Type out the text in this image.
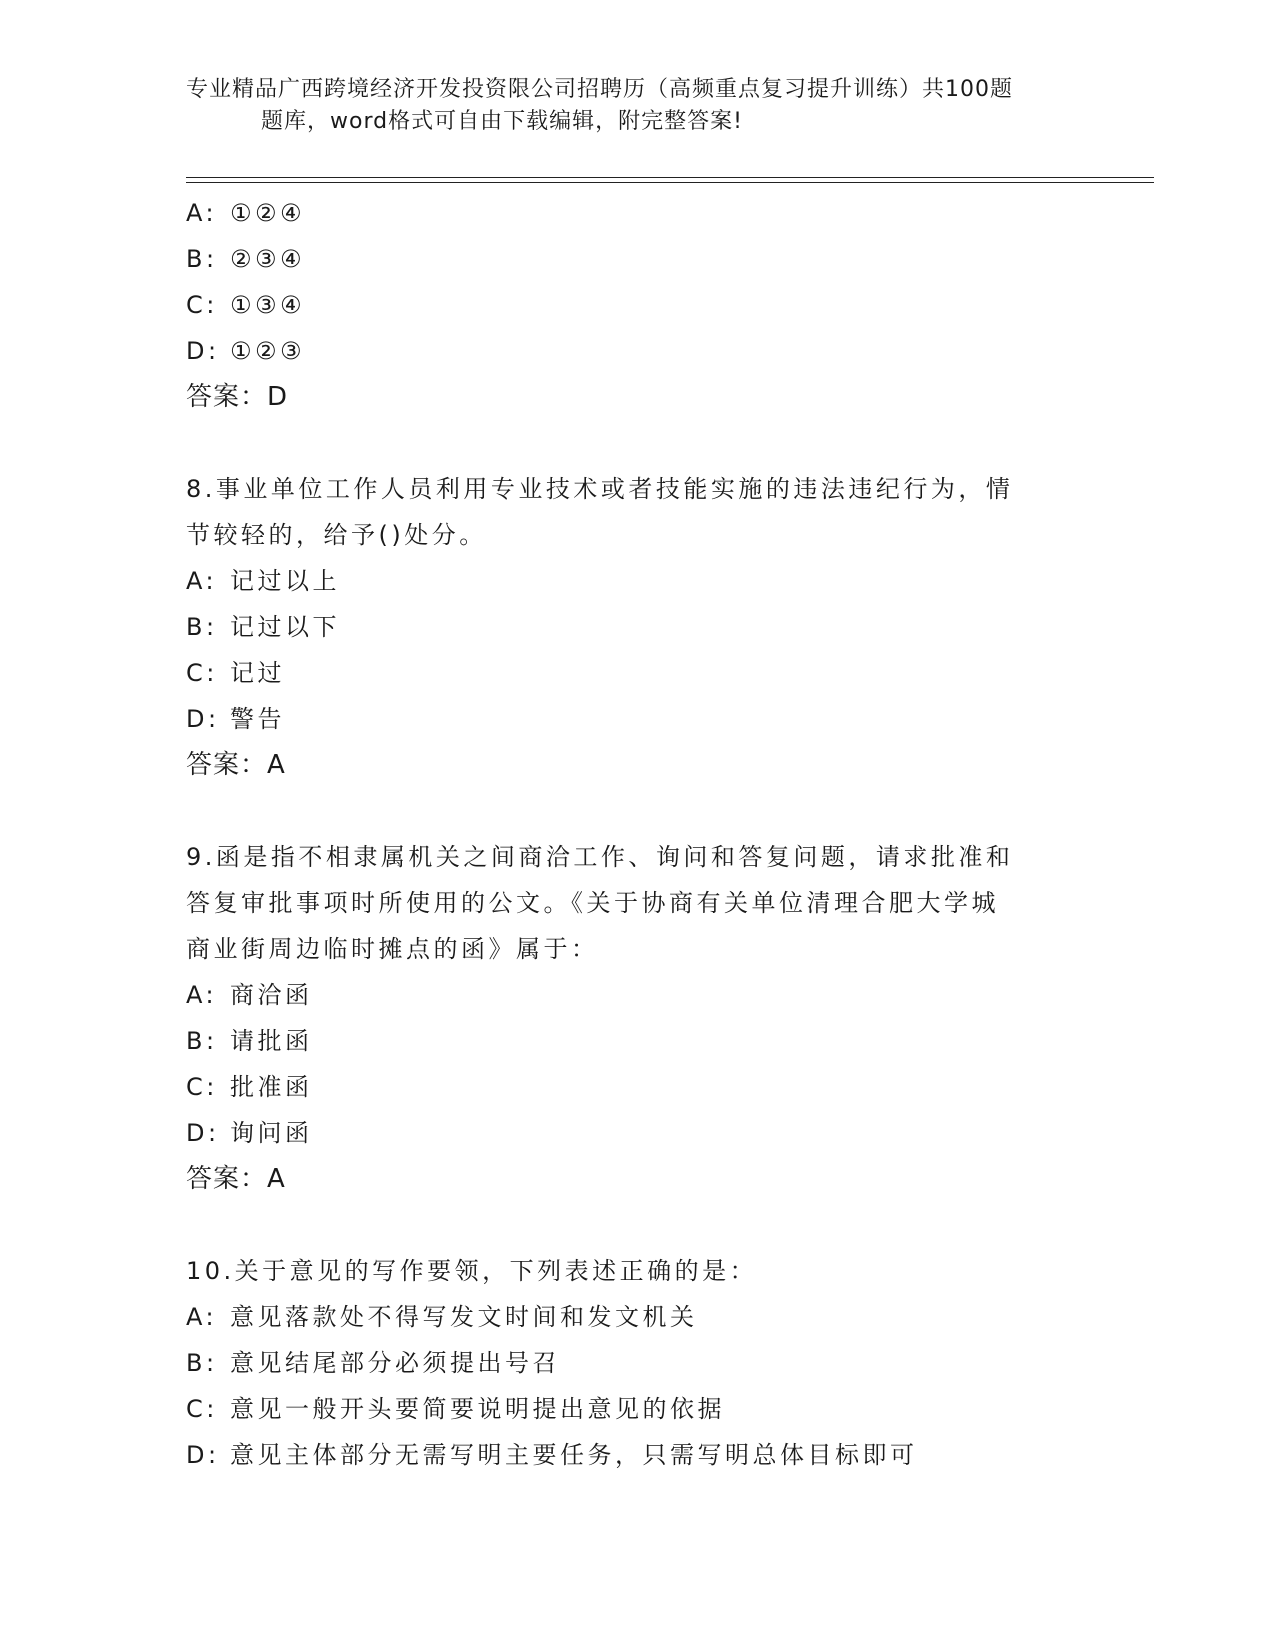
专业精品广西跨境经济开发投资限公司招聘历（高频重点复习提升训练）共100题
题库，word格式可自由下载编辑，附完整答案!
A: ①②④
B: ②③④
C: ①③④
D: ①②③
答案：D
8.事业单位工作人员利用专业技术或者技能实施的违法违纪行为，情
节较轻的，给予()处分。
A: 记过以上
B: 记过以下
C: 记过
D: 警告
答案：A
9.函是指不相隶属机关之间商洽工作、询问和答复问题，请求批准和
答复审批事项时所使用的公文。《关于协商有关单位清理合肥大学城
商业街周边临时摊点的函》属于：
A: 商洽函
B: 请批函
C: 批准函
D: 询问函
答案：A
10.关于意见的写作要领，下列表述正确的是：
A: 意见落款处不得写发文时间和发文机关
B: 意见结尾部分必须提出号召
C: 意见一般开头要简要说明提出意见的依据
D: 意见主体部分无需写明主要任务，只需写明总体目标即可
